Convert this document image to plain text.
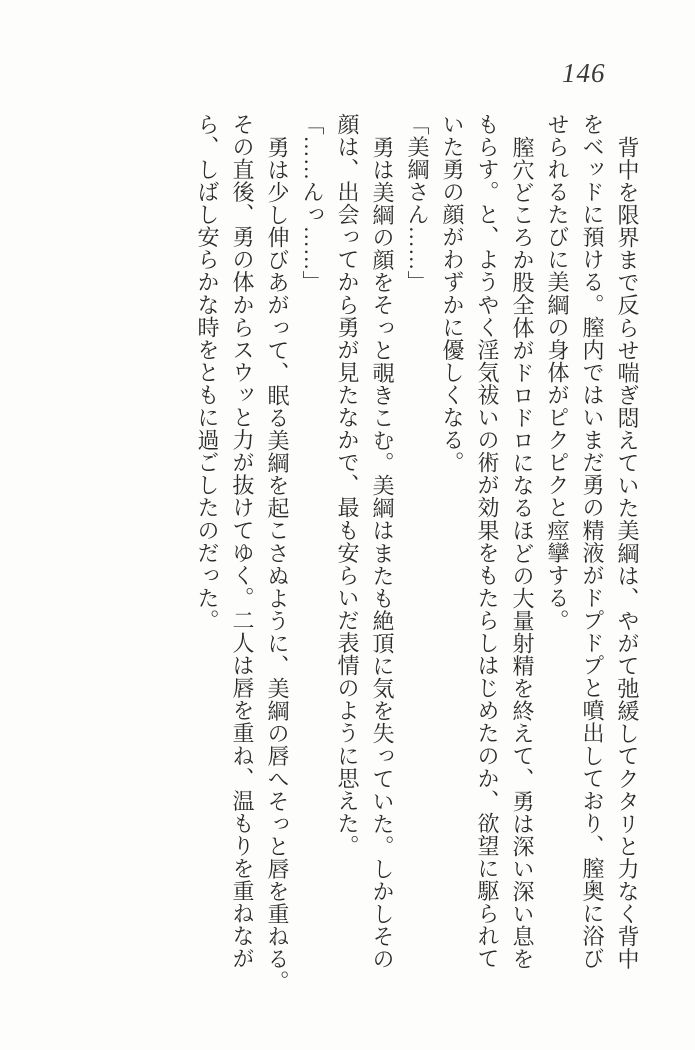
146

背中を限界まで反らせ喘ぎ悶えていた美綱は、やがて弛緩してクタリと力なく背中

をベッドに預ける。膣内ではいまだ勇の精液がドプドプと噴出しており、膣奥に浴び

せられるたびに美綱の身体がピクピクと痙攣する。

膣穴どころか股全体がドロドロになるほどの大量射精を終えて、勇は深い深い息を

もらす。と、ようやく淫気祓いの術が効果をもたらしはじめたのか、欲望に駆られて

いた勇の顔がわずかに優しくなる。

「美綱さん……」

勇は美綱の顔をそっと覗きこむ。美綱はまたも絶頂に気を失っていた。しかしその

顔は、出会ってから勇が見たなかで、最も安らいだ表情のように思えた。

「……んっ……」

勇は少し伸びあがって、眠る美綱を起こさぬように、美綱の唇へそっと唇を重ねる。

その直後、勇の体からスウッと力が抜けてゆく。二人は唇を重ね、温もりを重ねなが

ら、しばし安らかな時をともに過ごしたのだった。
